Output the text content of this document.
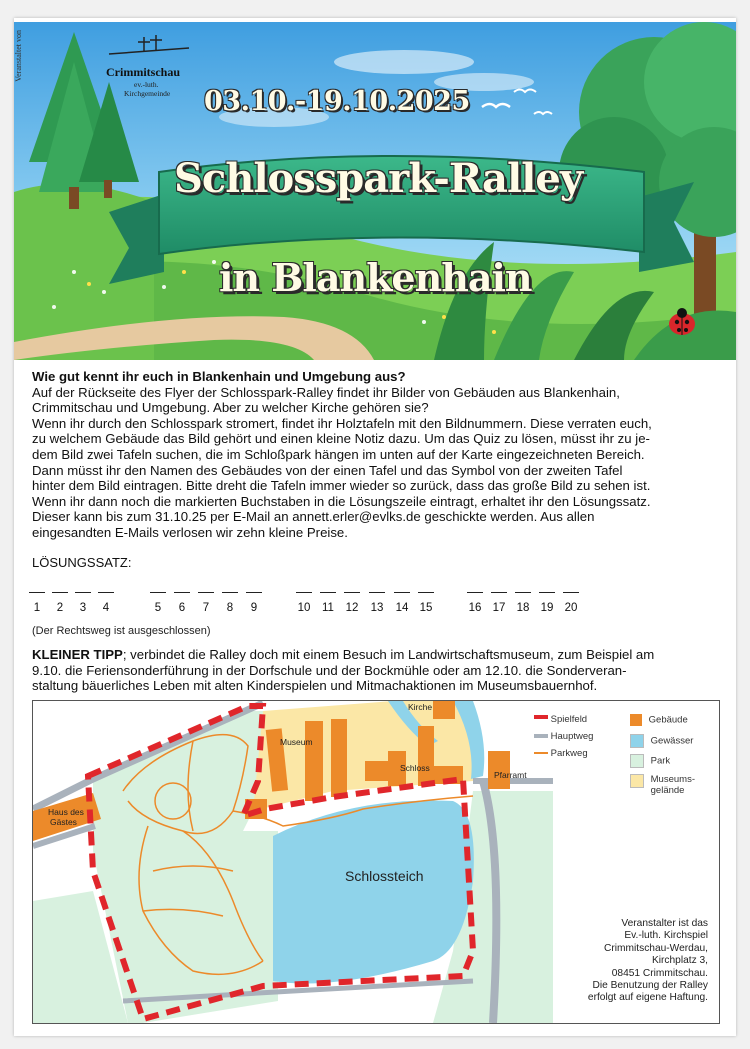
Crimmitschau
ev.-luth.
Kirchgemeinde 03.10.-19.10.2025
Schlosspark-Ralley
in Blankenhain
Veranstaltet von

Wie gut kennt ihr euch in Blankenhain und Umgebung aus?

Auf der Rückseite des Flyer der Schlosspark-Ralley findet ihr Bilder von Gebäuden aus Blankenhain,

Crimmitschau und Umgebung. Aber zu welcher Kirche gehören sie?

Wenn ihr durch den Schlosspark stromert, findet ihr Holztafeln mit den Bildnummern. Diese verraten euch,

zu welchem Gebäude das Bild gehört und einen kleine Notiz dazu. Um das Quiz zu lösen, müsst ihr zu je-

dem Bild zwei Tafeln suchen, die im Schloßpark hängen im unten auf der Karte eingezeichneten Bereich.

Dann müsst ihr den Namen des Gebäudes von der einen Tafel und das Symbol von der zweiten Tafel

hinter dem Bild eintragen. Bitte dreht die Tafeln immer wieder so zurück, dass das große Bild zu sehen ist.

Wenn ihr dann noch die markierten Buchstaben in die Lösungszeile eintragt, erhaltet ihr den Lösungssatz.

Dieser kann bis zum 31.10.25 per E-Mail an annett.erler@evlks.de geschickte werden. Aus allen

eingesandten E-Mails verlosen wir zehn kleine Preise.

LÖSUNGSSATZ:
1	2	3	4	5	6	7	8	9	10 11 12 13 14 15	16 17 18 19 20
(Der Rechtsweg ist ausgeschlossen)

KLEINER TIPP; verbindet die Ralley doch mit einem Besuch im Landwirtschaftsmuseum, zum Beispiel am

9.10. die Feriensonderführung in der Dorfschule und der Bockmühle oder am 12.10. die Sonderveran-

staltung bäuerliches Leben mit alten Kinderspielen und Mitmachaktionen im Museumsbauernhof.

Kirche
Museum
Schloss
Pfarramt
Haus des
Gästes
Schlossteich
Spielfeld
Hauptweg
Parkweg
Gebäude
Gewässer
Park
Museums-
gelände
Veranstalter ist das
Ev.-luth. Kirchspiel
Crimmitschau-Werdau,
Kirchplatz 3,
08451 Crimmitschau.
Die Benutzung der Ralley
erfolgt auf eigene Haftung.
